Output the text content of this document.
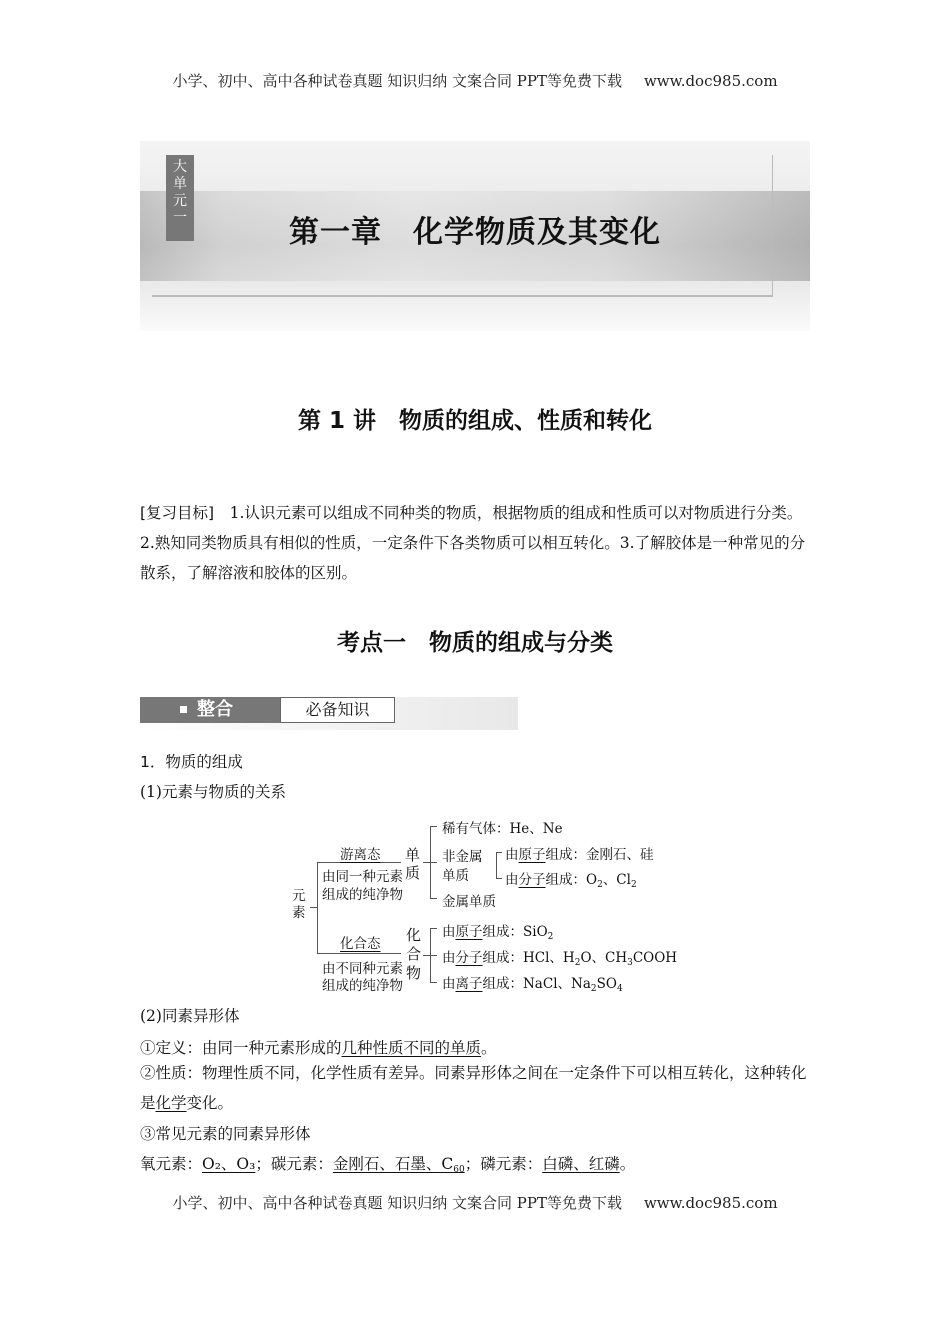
小学、初中、高中各种试卷真题 知识归纳 文案合同 PPT等免费下载 www.doc985.com
大
单
元
一	第一章　化学物质及其变化
第 1 讲　物质的组成、性质和转化
[复习目标]　1.认识元素可以组成不同种类的物质，根据物质的组成和性质可以对物质进行分类。2.熟知同类物质具有相似的性质，一定条件下各类物质可以相互转化。3.了解胶体是一种常见的分散系，了解溶液和胶体的区别。
考点一　物质的组成与分类
整合	必备知识
1．物质的组成
(1)元素与物质的关系
元
素
游离态
由同一种元素
组成的纯净物
化合态
由不同种元素
组成的纯净物
单
质
稀有气体：He、Ne
非金属
单质
由原子组成：金刚石、硅
由分子组成：$O_2$、$Cl_2$
金属单质
化
合
物
由原子组成：SiO$_2$
由分子组成：HCl、$H_2O$、$CH_3COOH$
由离子组成：NaCl、$Na_2SO_4$
(2)同素异形体
①定义：由同一种元素形成的几种性质不同的单质。
②性质：物理性质不同，化学性质有差异。同素异形体之间在一定条件下可以相互转化，这种转化是化学变化。
③常见元素的同素异形体
氧元素：O₂、O₃；碳元素：金刚石、石墨、$C_{60}$；磷元素：白磷、红磷。
小学、初中、高中各种试卷真题 知识归纳 文案合同 PPT等免费下载 www.doc985.com
